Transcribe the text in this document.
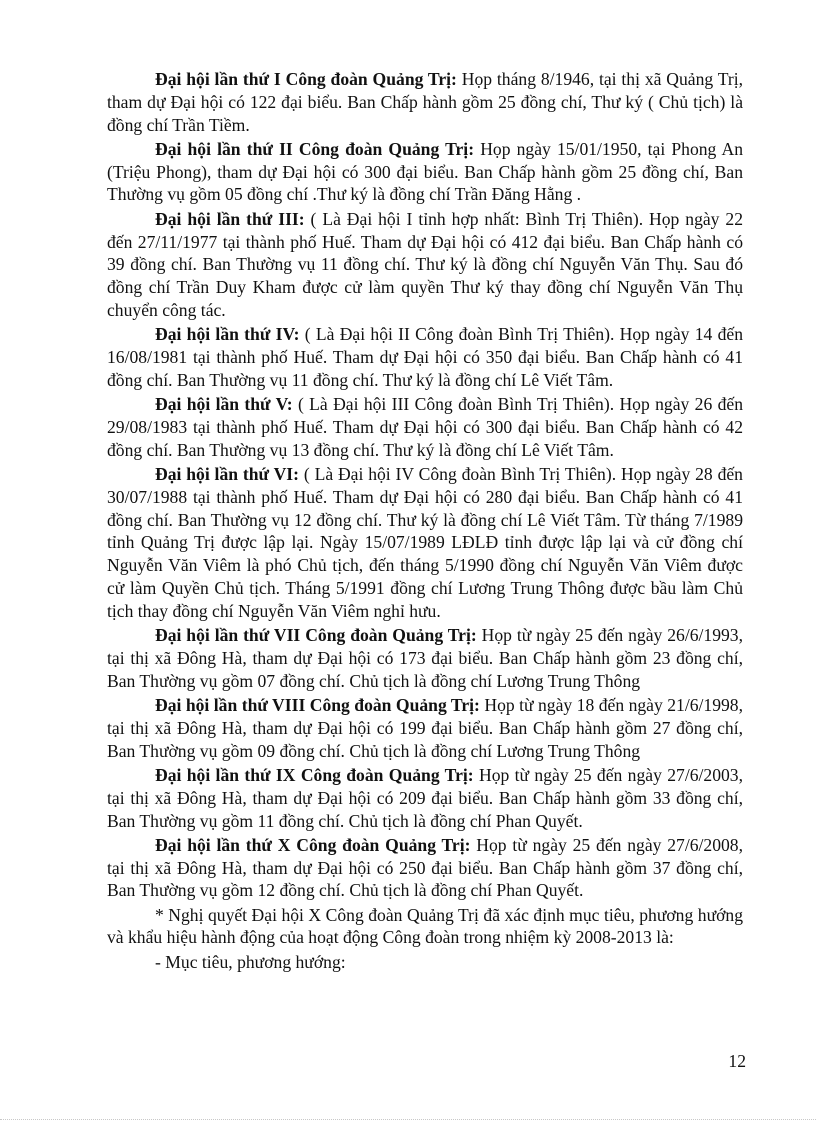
Đại hội lần thứ I Công đoàn Quảng Trị: Họp tháng 8/1946, tại thị xã Quảng Trị, tham dự Đại hội có 122 đại biểu. Ban Chấp hành gồm 25 đồng chí, Thư ký ( Chủ tịch) là đồng chí Trần Tiềm.

Đại hội lần thứ II Công đoàn Quảng Trị: Họp ngày 15/01/1950, tại Phong An (Triệu Phong), tham dự Đại hội có 300 đại biểu. Ban Chấp hành gồm 25 đồng chí, Ban Thường vụ gồm 05 đồng chí .Thư ký là đồng chí Trần Đăng Hằng .

Đại hội lần thứ III: ( Là Đại hội I tỉnh hợp nhất: Bình Trị Thiên). Họp ngày 22 đến 27/11/1977 tại thành phố Huế. Tham dự Đại hội có 412 đại biểu. Ban Chấp hành có 39 đồng chí. Ban Thường vụ 11 đồng chí. Thư ký là đồng chí Nguyễn Văn Thụ. Sau đó đồng chí Trần Duy Kham được cử làm quyền Thư ký thay đồng chí Nguyễn Văn Thụ chuyển công tác.

Đại hội lần thứ IV: ( Là Đại hội II Công đoàn Bình Trị Thiên). Họp ngày 14 đến 16/08/1981 tại thành phố Huế. Tham dự Đại hội có 350 đại biểu. Ban Chấp hành có 41 đồng chí. Ban Thường vụ 11 đồng chí. Thư ký là đồng chí Lê Viết Tâm.

Đại hội lần thứ V: ( Là Đại hội III Công đoàn Bình Trị Thiên). Họp ngày 26 đến 29/08/1983 tại thành phố Huế. Tham dự Đại hội có 300 đại biểu. Ban Chấp hành có 42 đồng chí. Ban Thường vụ 13 đồng chí. Thư ký là đồng chí Lê Viết Tâm.

Đại hội lần thứ VI: ( Là Đại hội IV Công đoàn Bình Trị Thiên). Họp ngày 28 đến 30/07/1988 tại thành phố Huế. Tham dự Đại hội có 280 đại biểu. Ban Chấp hành có 41 đồng chí. Ban Thường vụ 12 đồng chí. Thư ký là đồng chí Lê Viết Tâm. Từ tháng 7/1989 tỉnh Quảng Trị được lập lại. Ngày 15/07/1989 LĐLĐ tỉnh được lập lại và cử đồng chí Nguyễn Văn Viêm là phó Chủ tịch, đến tháng 5/1990 đồng chí Nguyễn Văn Viêm được cử làm Quyền Chủ tịch. Tháng 5/1991 đồng chí Lương Trung Thông được bầu làm Chủ tịch thay đồng chí Nguyễn Văn Viêm nghỉ hưu.

Đại hội lần thứ VII Công đoàn Quảng Trị: Họp từ ngày 25 đến ngày 26/6/1993, tại thị xã Đông Hà, tham dự Đại hội có 173 đại biểu. Ban Chấp hành gồm 23 đồng chí, Ban Thường vụ gồm 07 đồng chí. Chủ tịch là đồng chí Lương Trung Thông

Đại hội lần thứ VIII Công đoàn Quảng Trị: Họp từ ngày 18 đến ngày 21/6/1998, tại thị xã Đông Hà, tham dự Đại hội có 199 đại biểu. Ban Chấp hành gồm 27 đồng chí, Ban Thường vụ gồm 09 đồng chí. Chủ tịch là đồng chí Lương Trung Thông

Đại hội lần thứ IX Công đoàn Quảng Trị: Họp từ ngày 25 đến ngày 27/6/2003, tại thị xã Đông Hà, tham dự Đại hội có 209 đại biểu. Ban Chấp hành gồm 33 đồng chí, Ban Thường vụ gồm 11 đồng chí. Chủ tịch là đồng chí Phan Quyết.

Đại hội lần thứ X Công đoàn Quảng Trị: Họp từ ngày 25 đến ngày 27/6/2008, tại thị xã Đông Hà, tham dự Đại hội có 250 đại biểu. Ban Chấp hành gồm 37 đồng chí, Ban Thường vụ gồm 12 đồng chí. Chủ tịch là đồng chí Phan Quyết.

* Nghị quyết Đại hội X Công đoàn Quảng Trị đã xác định mục tiêu, phương hướng và khẩu hiệu hành động của hoạt động Công đoàn trong nhiệm kỳ 2008-2013 là:

- Mục tiêu, phương hướng:

12
